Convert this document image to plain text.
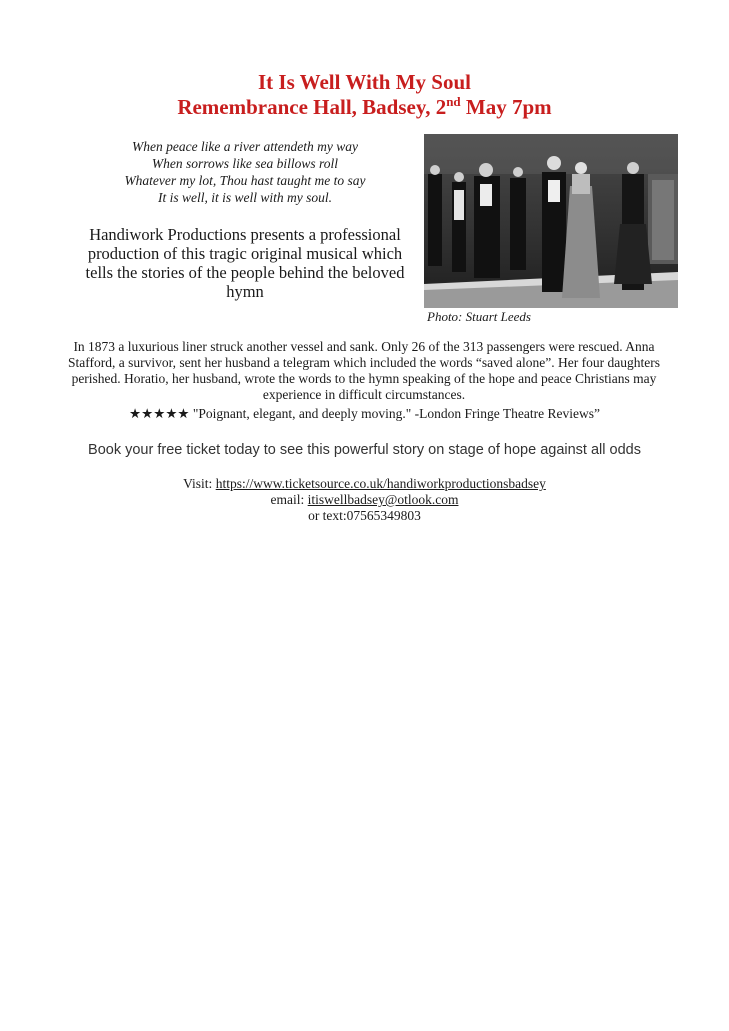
It Is Well With My Soul
Remembrance Hall, Badsey, 2nd May 7pm
When peace like a river attendeth my way
When sorrows like sea billows roll
Whatever my lot, Thou hast taught me to say
It is well, it is well with my soul.
Handiwork Productions presents a professional production of this tragic original musical which tells the stories of the people behind the beloved hymn
Photo: Stuart Leeds
In 1873 a luxurious liner struck another vessel and sank. Only 26 of the 313 passengers were rescued. Anna Stafford, a survivor, sent her husband a telegram which included the words “saved alone”. Her four daughters perished. Horatio, her husband, wrote the words to the hymn speaking of the hope and peace Christians may experience in difficult circumstances.
★★★★★ "Poignant, elegant, and deeply moving." -London Fringe Theatre Reviews”
Book your free ticket today to see this powerful story on stage of hope against all odds
Visit: https://www.ticketsource.co.uk/handiworkproductionsbadsey
email: itiswellbadsey@otlook.com
or text:07565349803
